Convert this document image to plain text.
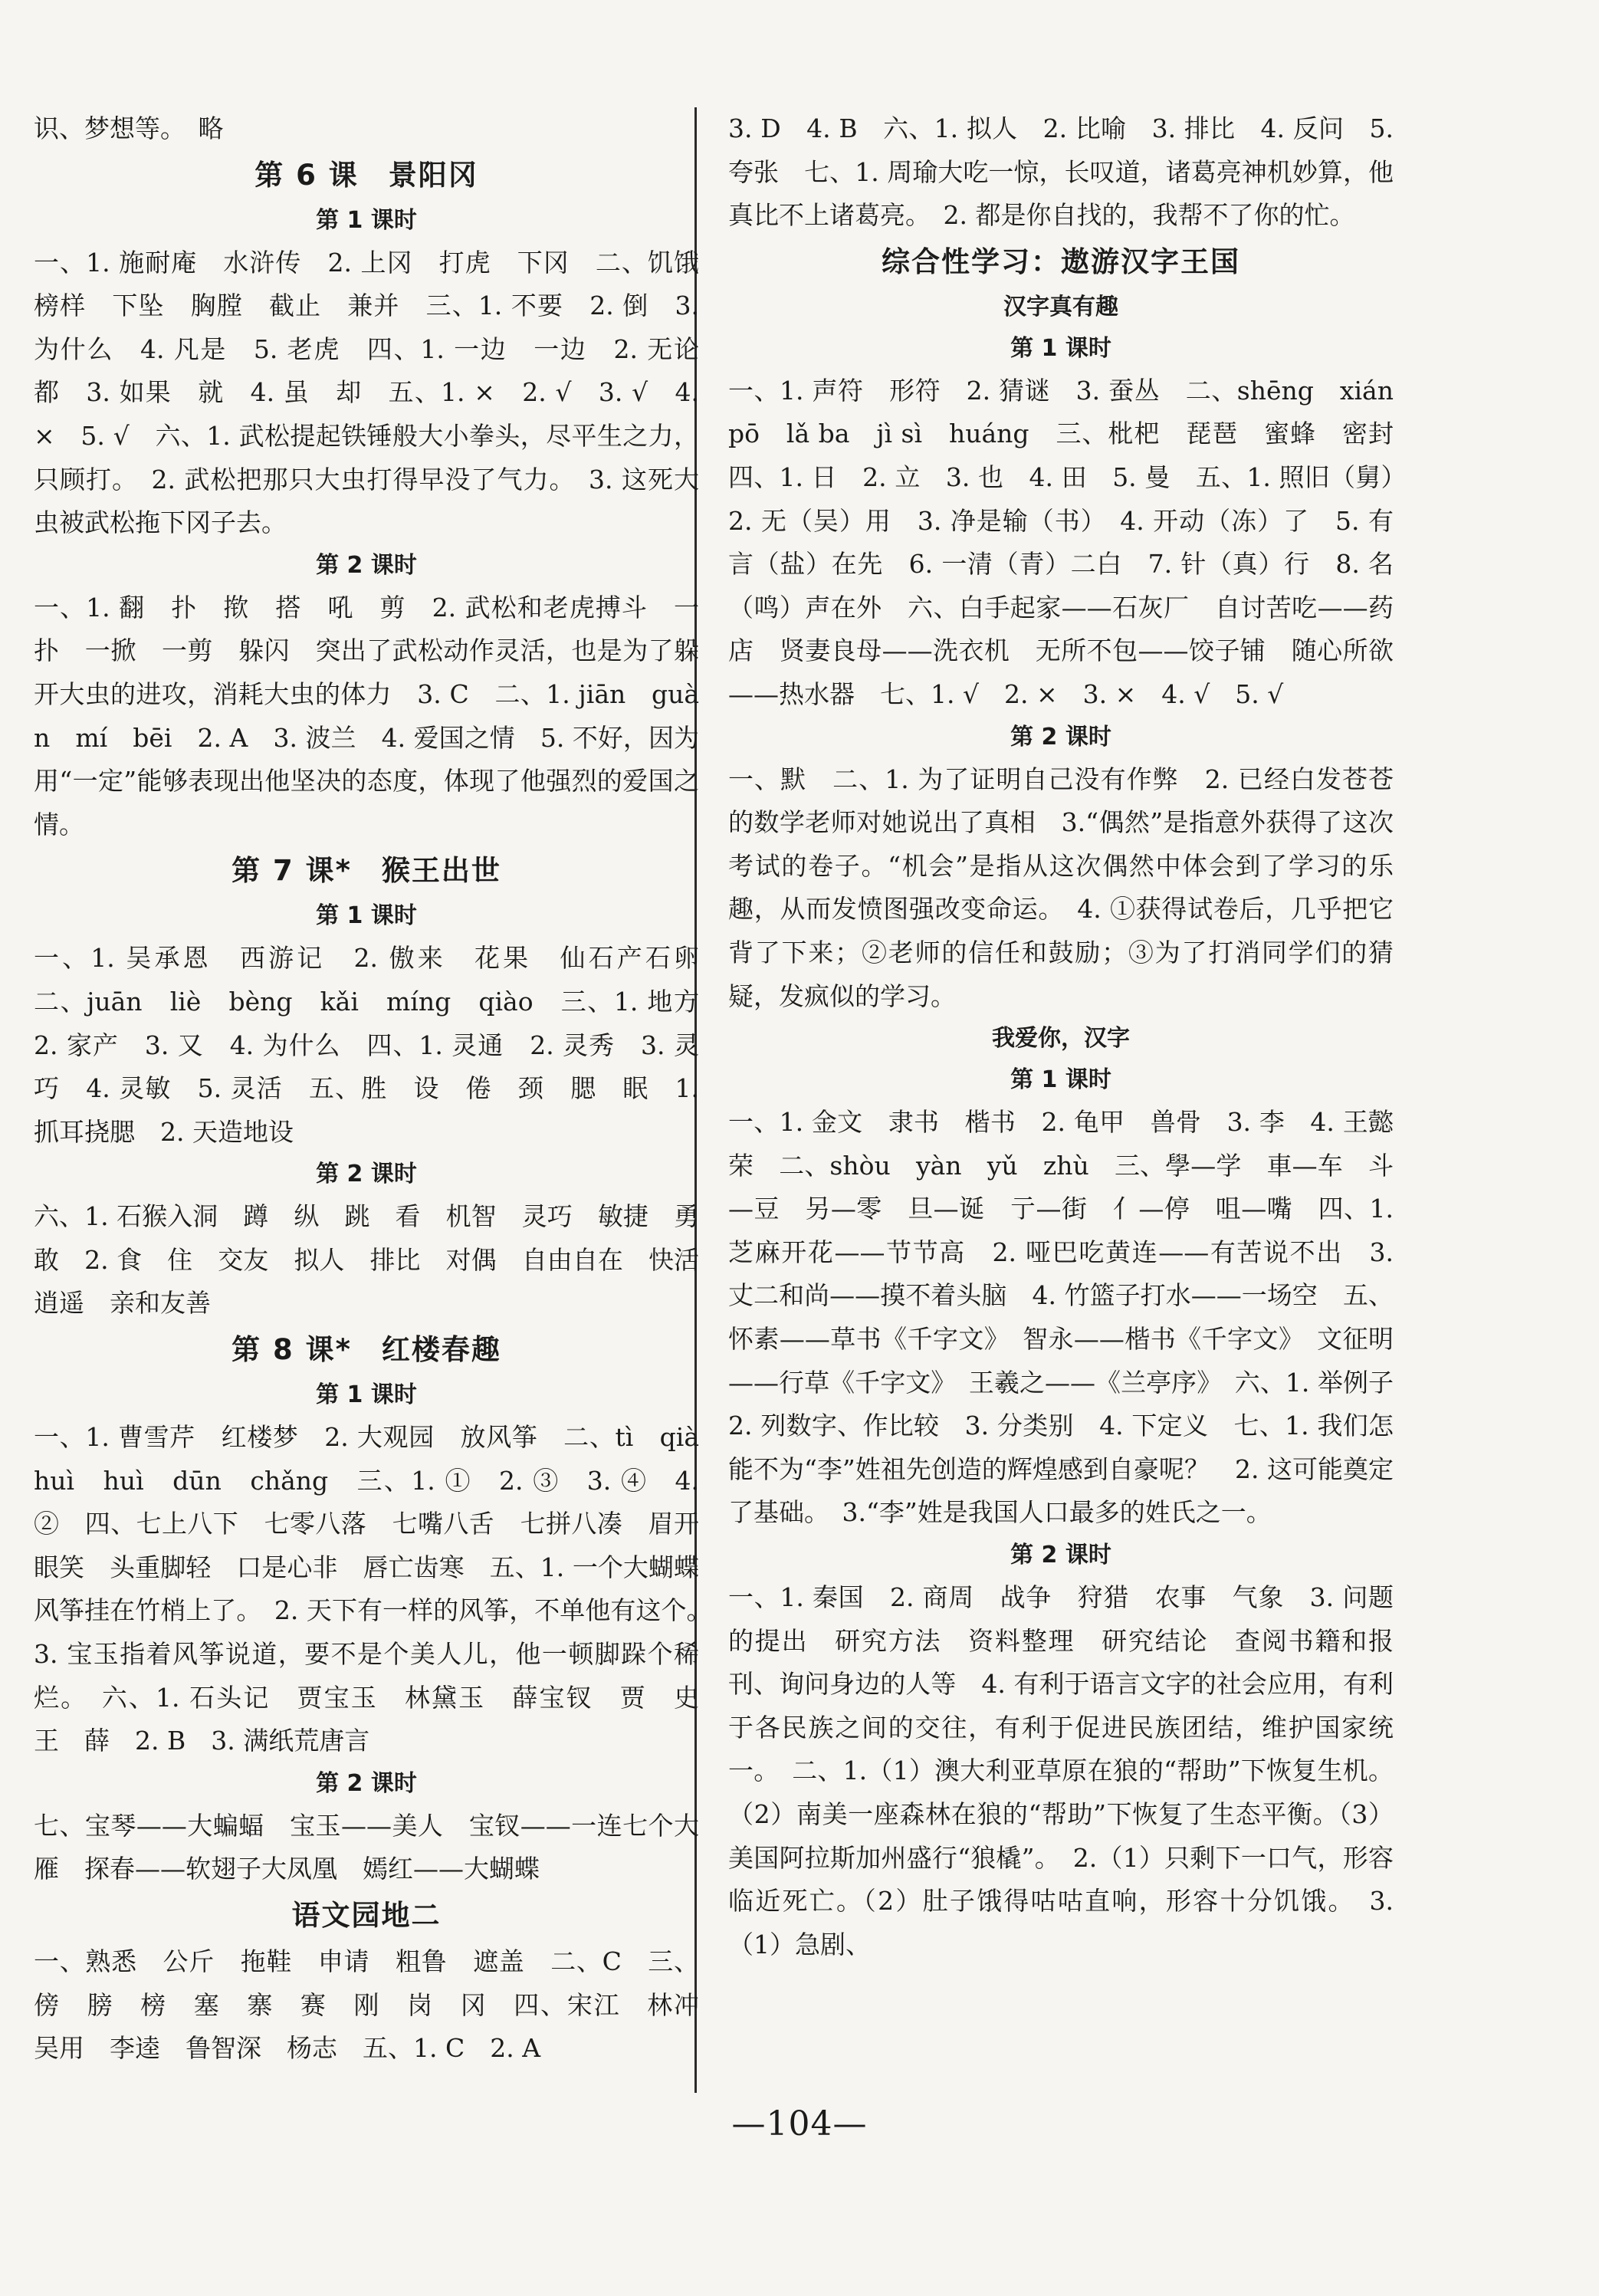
识、梦想等。　略
第 6 课　景阳冈
第 1 课时
一、1. 施耐庵　水浒传　2. 上冈　打虎　下冈　二、饥饿　榜样　下坠　胸膛　截止　兼并　三、1. 不要　2. 倒　3. 为什么　4. 凡是　5. 老虎　四、1. 一边　一边　2. 无论　都　3. 如果　就　4. 虽　却　五、1. ×　2. √　3. √　4. ×　5. √　六、1. 武松提起铁锤般大小拳头，尽平生之力，只顾打。　2. 武松把那只大虫打得早没了气力。　3. 这死大虫被武松拖下冈子去。
第 2 课时
一、1. 翻　扑　揿　搭　吼　剪　2. 武松和老虎搏斗　一扑　一掀　一剪　躲闪　突出了武松动作灵活，也是为了躲开大虫的进攻，消耗大虫的体力　3. C　二、1. jiān　guàn　mí　bēi　2. A　3. 波兰　4. 爱国之情　5. 不好，因为用“一定”能够表现出他坚决的态度，体现了他强烈的爱国之情。
第 7 课*　猴王出世
第 1 课时
一、1. 吴承恩　西游记　2. 傲来　花果　仙石产石卵　二、juān　liè　bèng　kǎi　míng　qiào　三、1. 地方　2. 家产　3. 又　4. 为什么　四、1. 灵通　2. 灵秀　3. 灵巧　4. 灵敏　5. 灵活　五、胜　设　倦　颈　腮　眠　1. 抓耳挠腮　2. 天造地设
第 2 课时
六、1. 石猴入洞　蹲　纵　跳　看　机智　灵巧　敏捷　勇敢　2. 食　住　交友　拟人　排比　对偶　自由自在　快活逍遥　亲和友善
第 8 课*　红楼春趣
第 1 课时
一、1. 曹雪芹　红楼梦　2. 大观园　放风筝　二、tì　qià　huì　huì　dūn　chǎng　三、1. ①　2. ③　3. ④　4. ②　四、七上八下　七零八落　七嘴八舌　七拼八凑　眉开眼笑　头重脚轻　口是心非　唇亡齿寒　五、1. 一个大蝴蝶风筝挂在竹梢上了。　2. 天下有一样的风筝，不单他有这个。　3. 宝玉指着风筝说道，要不是个美人儿，他一顿脚跺个稀烂。　六、1. 石头记　贾宝玉　林黛玉　薛宝钗　贾　史　王　薛　2. B　3. 满纸荒唐言
第 2 课时
七、宝琴——大蝙蝠　宝玉——美人　宝钗——一连七个大雁　探春——软翅子大凤凰　嫣红——大蝴蝶
语文园地二
一、熟悉　公斤　拖鞋　申请　粗鲁　遮盖　二、C　三、傍　膀　榜　塞　寨　赛　刚　岗　冈　四、宋江　林冲　吴用　李逵　鲁智深　杨志　五、1. C　2. A
3. D　4. B　六、1. 拟人　2. 比喻　3. 排比　4. 反问　5. 夸张　七、1. 周瑜大吃一惊，长叹道，诸葛亮神机妙算，他真比不上诸葛亮。　2. 都是你自找的，我帮不了你的忙。
综合性学习：遨游汉字王国
汉字真有趣
第 1 课时
一、1. 声符　形符　2. 猜谜　3. 蚕丛　二、shēng　xián　pō　lǎ ba　jì sì　huáng　三、枇杷　琵琶　蜜蜂　密封　四、1. 日　2. 立　3. 也　4. 田　5. 曼　五、1. 照旧（舅）　2. 无（吴）用　3. 净是输（书）　4. 开动（冻）了　5. 有言（盐）在先　6. 一清（青）二白　7. 针（真）行　8. 名（鸣）声在外　六、白手起家——石灰厂　自讨苦吃——药店　贤妻良母——洗衣机　无所不包——饺子铺　随心所欲——热水器　七、1. √　2. ×　3. ×　4. √　5. √
第 2 课时
一、默　二、1. 为了证明自己没有作弊　2. 已经白发苍苍的数学老师对她说出了真相　3.“偶然”是指意外获得了这次考试的卷子。“机会”是指从这次偶然中体会到了学习的乐趣，从而发愤图强改变命运。　4. ①获得试卷后，几乎把它背了下来；②老师的信任和鼓励；③为了打消同学们的猜疑，发疯似的学习。
我爱你，汉字
第 1 课时
一、1. 金文　隶书　楷书　2. 龟甲　兽骨　3. 李　4. 王懿荣　二、shòu　yàn　yǔ　zhù　三、學—学　車—车　斗—豆　另—零　旦—诞　亍—街　亻—停　咀—嘴　四、1. 芝麻开花——节节高　2. 哑巴吃黄连——有苦说不出　3. 丈二和尚——摸不着头脑　4. 竹篮子打水——一场空　五、怀素——草书《千字文》　智永——楷书《千字文》　文征明——行草《千字文》　王羲之——《兰亭序》　六、1. 举例子　2. 列数字、作比较　3. 分类别　4. 下定义　七、1. 我们怎能不为“李”姓祖先创造的辉煌感到自豪呢？　2. 这可能奠定了基础。　3.“李”姓是我国人口最多的姓氏之一。
第 2 课时
一、1. 秦国　2. 商周　战争　狩猎　农事　气象　3. 问题的提出　研究方法　资料整理　研究结论　查阅书籍和报刊、询问身边的人等　4. 有利于语言文字的社会应用，有利于各民族之间的交往，有利于促进民族团结，维护国家统一。　二、1.（1）澳大利亚草原在狼的“帮助”下恢复生机。（2）南美一座森林在狼的“帮助”下恢复了生态平衡。（3）美国阿拉斯加州盛行“狼橇”。　2.（1）只剩下一口气，形容临近死亡。（2）肚子饿得咕咕直响，形容十分饥饿。　3.（1）急剧、
—104—
